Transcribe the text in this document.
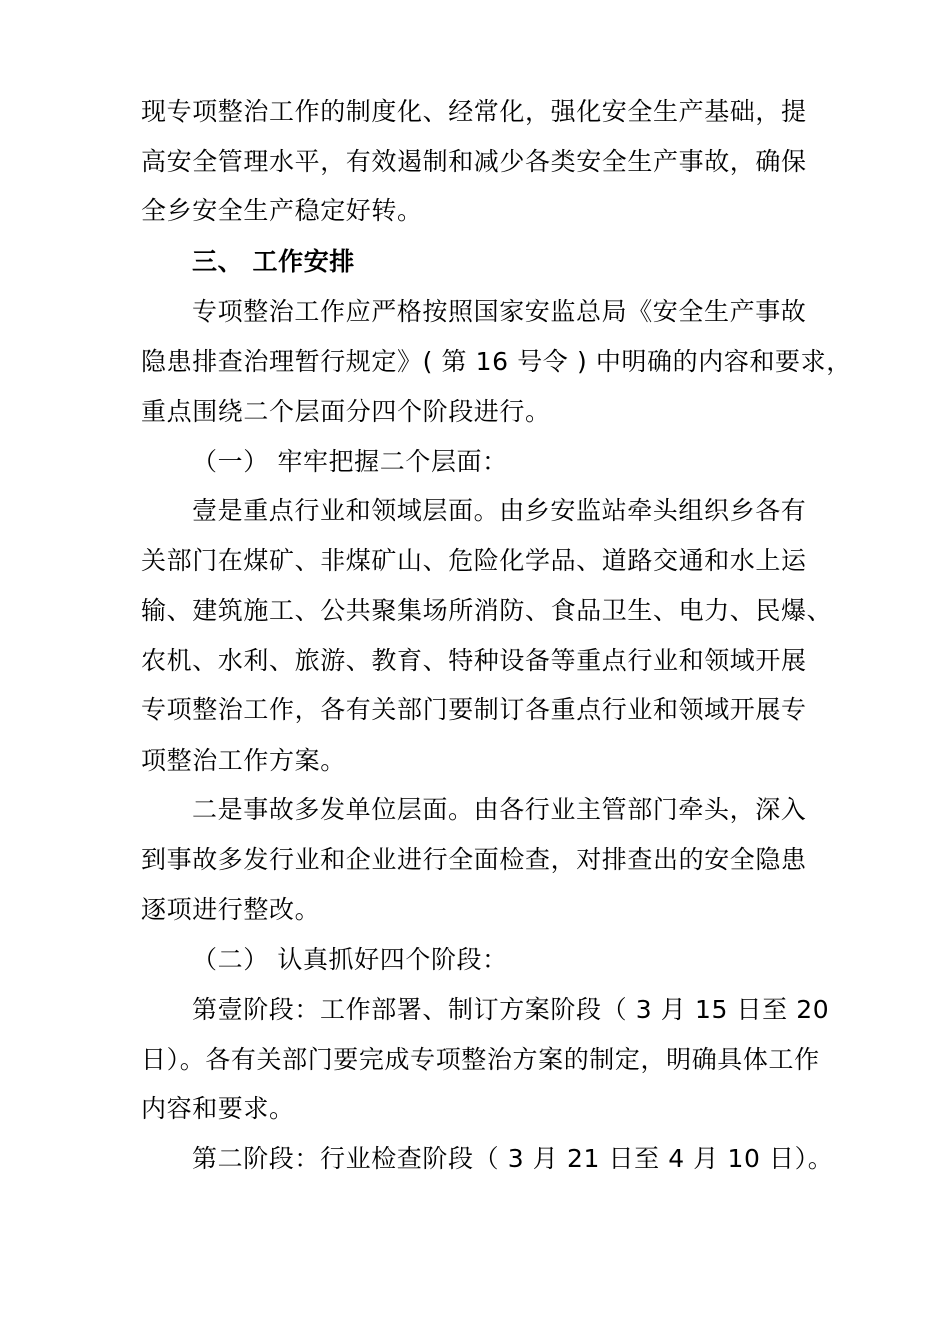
现专项整治工作的制度化、经常化，强化安全生产基础，提
高安全管理水平，有效遏制和减少各类安全生产事故，确保
全乡安全生产稳定好转。
三、 工作安排
专项整治工作应严格按照国家安监总局《安全生产事故
隐患排查治理暂行规定》( 第 16 号令 ) 中明确的内容和要求，
重点围绕二个层面分四个阶段进行。
（一） 牢牢把握二个层面：
壹是重点行业和领域层面。由乡安监站牵头组织乡各有
关部门在煤矿、非煤矿山、危险化学品、道路交通和水上运
输、建筑施工、公共聚集场所消防、食品卫生、电力、民爆、
农机、水利、旅游、教育、特种设备等重点行业和领域开展
专项整治工作，各有关部门要制订各重点行业和领域开展专
项整治工作方案。
二是事故多发单位层面。由各行业主管部门牵头，深入
到事故多发行业和企业进行全面检查，对排查出的安全隐患
逐项进行整改。
（二） 认真抓好四个阶段：
第壹阶段：工作部署、制订方案阶段（ 3 月 15 日至 20
日）。各有关部门要完成专项整治方案的制定，明确具体工作
内容和要求。
第二阶段：行业检查阶段（ 3 月 21 日至 4 月 10 日）。
